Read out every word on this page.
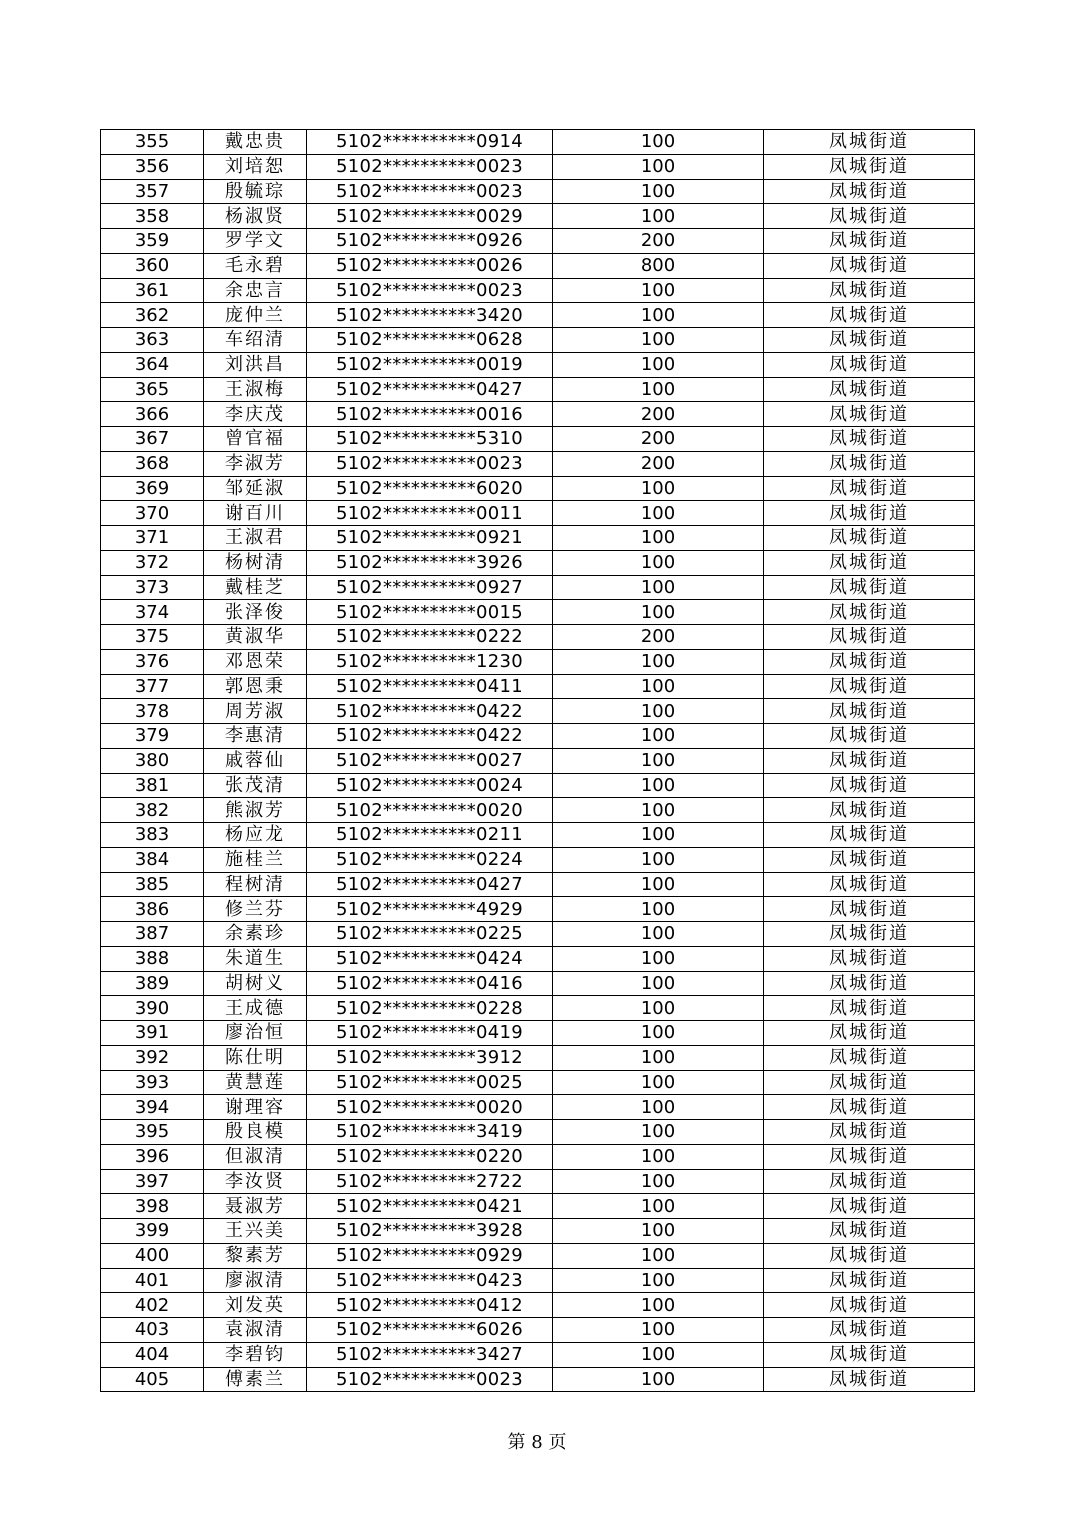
355	戴忠贵	5102**********0914	100	凤城街道
356	刘培恕	5102**********0023	100	凤城街道
357	殷毓琮	5102**********0023	100	凤城街道
358	杨淑贤	5102**********0029	100	凤城街道
359	罗学文	5102**********0926	200	凤城街道
360	毛永碧	5102**********0026	800	凤城街道
361	余忠言	5102**********0023	100	凤城街道
362	庞仲兰	5102**********3420	100	凤城街道
363	车绍清	5102**********0628	100	凤城街道
364	刘洪昌	5102**********0019	100	凤城街道
365	王淑梅	5102**********0427	100	凤城街道
366	李庆茂	5102**********0016	200	凤城街道
367	曾官福	5102**********5310	200	凤城街道
368	李淑芳	5102**********0023	200	凤城街道
369	邹延淑	5102**********6020	100	凤城街道
370	谢百川	5102**********0011	100	凤城街道
371	王淑君	5102**********0921	100	凤城街道
372	杨树清	5102**********3926	100	凤城街道
373	戴桂芝	5102**********0927	100	凤城街道
374	张泽俊	5102**********0015	100	凤城街道
375	黄淑华	5102**********0222	200	凤城街道
376	邓恩荣	5102**********1230	100	凤城街道
377	郭恩秉	5102**********0411	100	凤城街道
378	周芳淑	5102**********0422	100	凤城街道
379	李惠清	5102**********0422	100	凤城街道
380	戚蓉仙	5102**********0027	100	凤城街道
381	张茂清	5102**********0024	100	凤城街道
382	熊淑芳	5102**********0020	100	凤城街道
383	杨应龙	5102**********0211	100	凤城街道
384	施桂兰	5102**********0224	100	凤城街道
385	程树清	5102**********0427	100	凤城街道
386	修兰芬	5102**********4929	100	凤城街道
387	余素珍	5102**********0225	100	凤城街道
388	朱道生	5102**********0424	100	凤城街道
389	胡树义	5102**********0416	100	凤城街道
390	王成德	5102**********0228	100	凤城街道
391	廖治恒	5102**********0419	100	凤城街道
392	陈仕明	5102**********3912	100	凤城街道
393	黄慧莲	5102**********0025	100	凤城街道
394	谢理容	5102**********0020	100	凤城街道
395	殷良模	5102**********3419	100	凤城街道
396	但淑清	5102**********0220	100	凤城街道
397	李汝贤	5102**********2722	100	凤城街道
398	聂淑芳	5102**********0421	100	凤城街道
399	王兴美	5102**********3928	100	凤城街道
400	黎素芳	5102**********0929	100	凤城街道
401	廖淑清	5102**********0423	100	凤城街道
402	刘发英	5102**********0412	100	凤城街道
403	袁淑清	5102**********6026	100	凤城街道
404	李碧钧	5102**********3427	100	凤城街道
405	傅素兰	5102**********0023	100	凤城街道
第 8 页
